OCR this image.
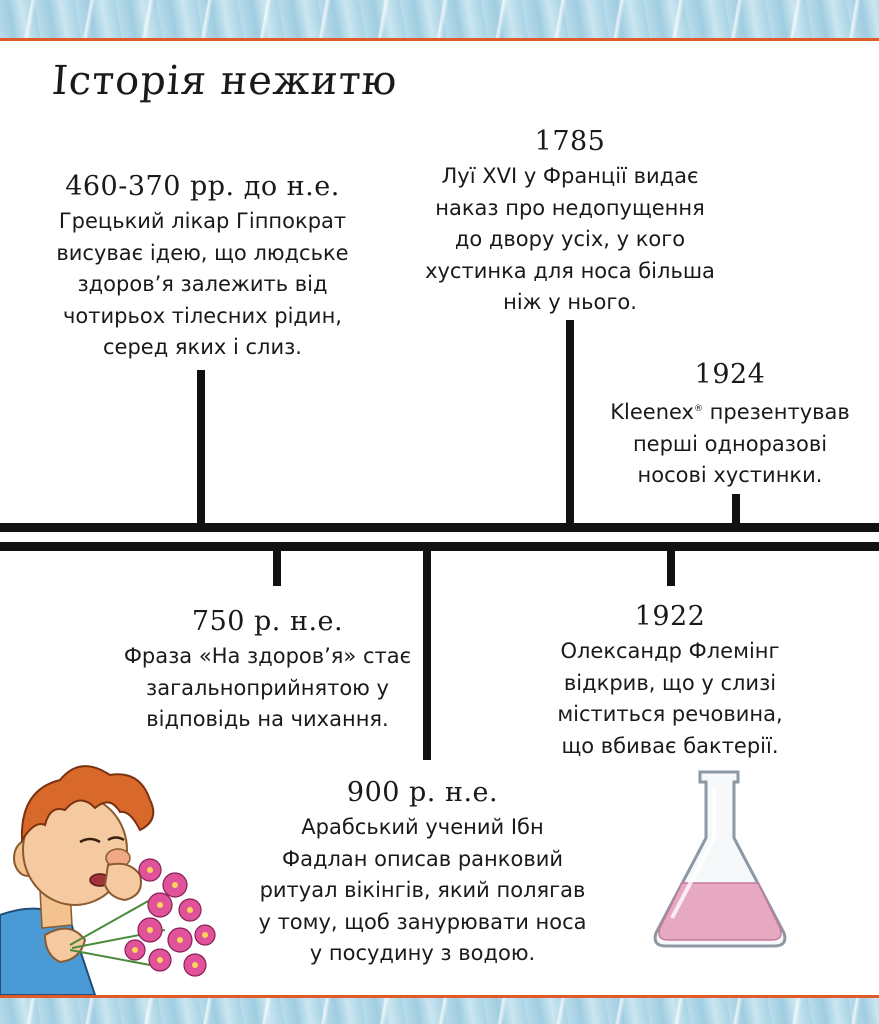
Історія нежитю
460-370 рр. до н.е.
Грецький лікар Гіппократ
висуває ідею, що людське
здоров’я залежить від
чотирьох тілесних рідин,
серед яких і слиз.
1785
Луї XVI у Франції видає
наказ про недопущення
до двору усіх, у кого
хустинка для носа більша
ніж у нього.
1924
Kleenex® презентував
перші одноразові
носові хустинки.
750 р. н.е.
Фраза «На здоров’я» стає
загальноприйнятою у
відповідь на чихання.
1922
Олександр Флемінг
відкрив, що у слизі
міститься речовина,
що вбиває бактерії.
900 р. н.е.
Арабський учений Ібн
Фадлан описав ранковий
ритуал вікінгів, який полягав
у тому, щоб занурювати носа
у посудину з водою.
